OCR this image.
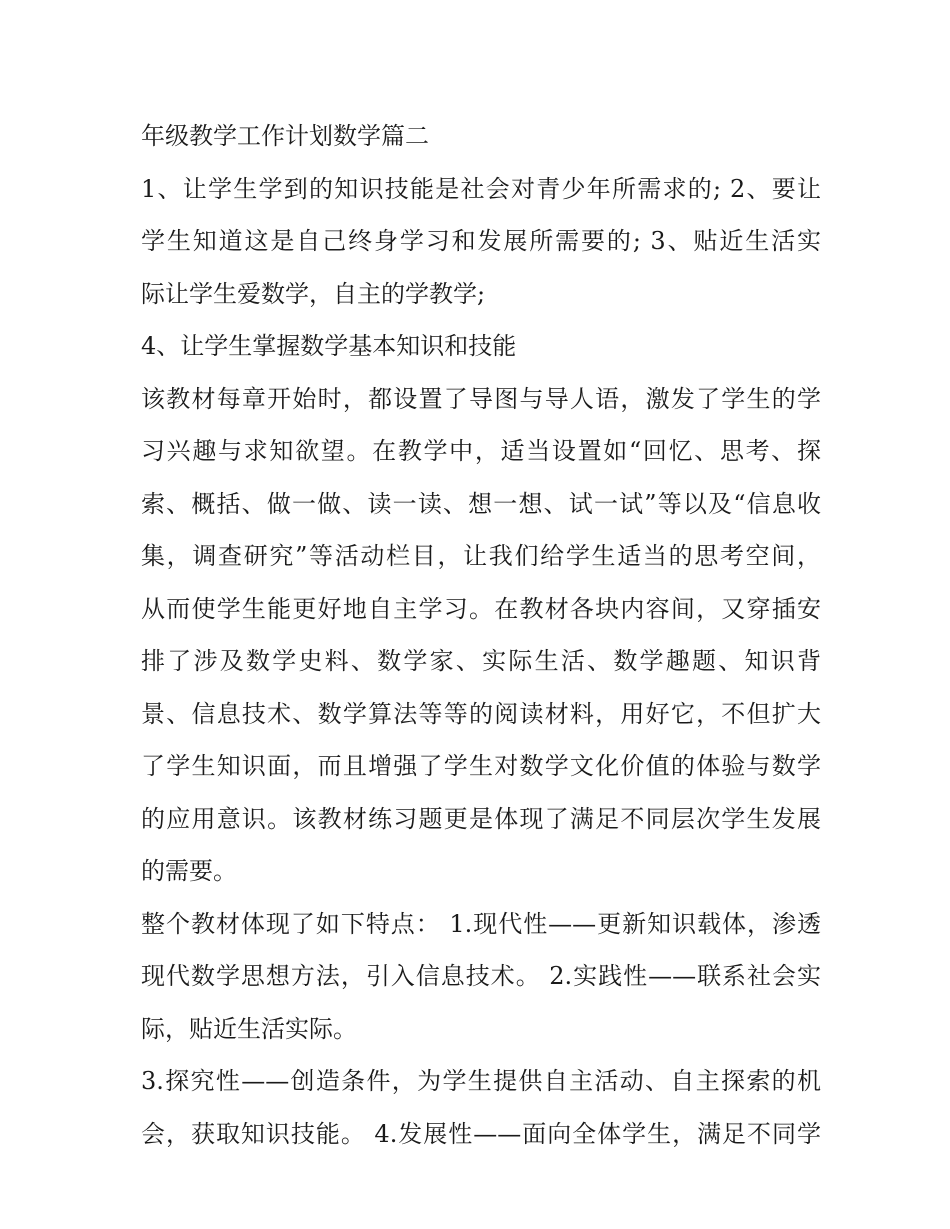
年级教学工作计划数学篇二
1、让学生学到的知识技能是社会对青少年所需求的; 2、要让
学生知道这是自己终身学习和发展所需要的; 3、贴近生活实
际让学生爱数学，自主的学教学;
4、让学生掌握数学基本知识和技能
该教材每章开始时，都设置了导图与导人语，激发了学生的学
习兴趣与求知欲望。在教学中，适当设置如“回忆、思考、探
索、概括、做一做、读一读、想一想、试一试”等以及“信息收
集，调查研究”等活动栏目，让我们给学生适当的思考空间，
从而使学生能更好地自主学习。在教材各块内容间，又穿插安
排了涉及数学史料、数学家、实际生活、数学趣题、知识背
景、信息技术、数学算法等等的阅读材料，用好它，不但扩大
了学生知识面，而且增强了学生对数学文化价值的体验与数学
的应用意识。该教材练习题更是体现了满足不同层次学生发展
的需要。
整个教材体现了如下特点： 1.现代性——更新知识载体，渗透
现代数学思想方法，引入信息技术。 2.实践性——联系社会实
际，贴近生活实际。
3.探究性——创造条件，为学生提供自主活动、自主探索的机
会，获取知识技能。 4.发展性——面向全体学生，满足不同学
